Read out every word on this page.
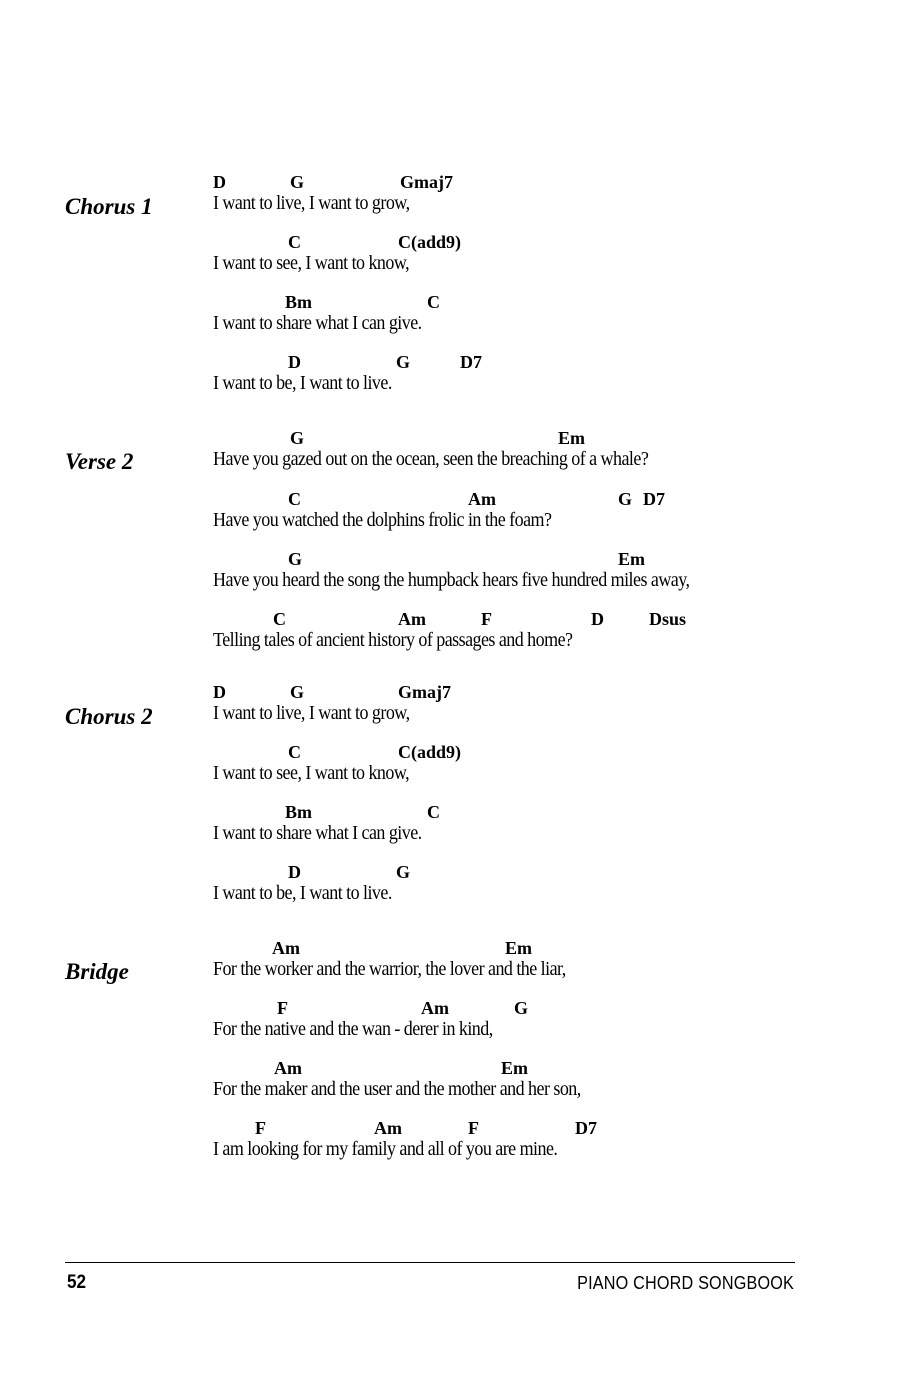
Chorus 1
D	G	Gmaj7
I want to live, I want to grow,
C	C(add9)
I want to see, I want to know,
Bm	C
I want to share what I can give.
D	G	D7
I want to be, I want to live.
Verse 2
G	Em
Have you gazed out on the ocean, seen the breaching of a whale?
C	Am	G D7
Have you watched the dolphins frolic in the foam?
G	Em
Have you heard the song the humpback hears five hundred miles away,
C	Am	F	D	Dsus
Telling tales of ancient history of passages and home?
Chorus 2
D	G	Gmaj7
I want to live, I want to grow,
C	C(add9)
I want to see, I want to know,
Bm	C
I want to share what I can give.
D	G
I want to be, I want to live.
Bridge
Am	Em
For the worker and the warrior, the lover and the liar,
F	Am	G
For the native and the wan - derer in kind,
Am	Em
For the maker and the user and the mother and her son,
F	Am	F	D7
I am looking for my family and all of you are mine.
52	PIANO CHORD SONGBOOK
